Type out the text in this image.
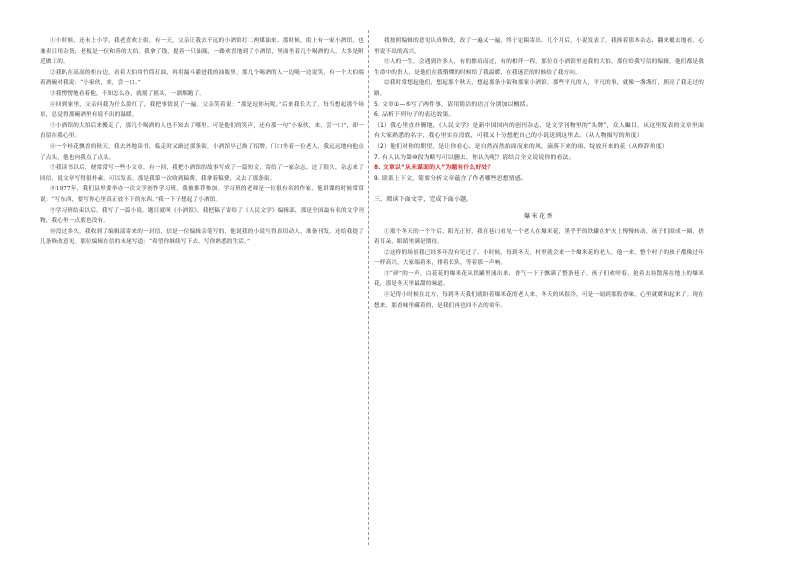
①小时候，还未上小学，我老喜欢上街。有一天，父亲让我去不远的小酒馆打二两煤油来。那时候，街上有一家小酒馆，也兼卖日用杂货，老板是一位和善的大伯。我拿了钱，提着一只油瓶，一路欢喜地到了小酒馆，里面坐着几个喝酒的人，大多是附近做工的。

②我趴在高高的柜台边，看着大伯用竹筒打油，再用漏斗灌进我的油瓶里。那几个喝酒的人一边喝一边说笑，有一个大伯端着酒碗对我说：“小家伙，来，尝一口。”

③我愣愣地看着他，不知怎么办，就摇了摇头，一溜烟跑了。

④回到家里，父亲问我为什么脸红了，我把事情说了一遍。父亲笑着说：“那是逗你玩呢。”后来我长大了，每当想起那个场景，总觉得那碗酒里有说不出的温暖。

⑤小酒馆的大伯后来搬走了，那几个喝酒的人也不知去了哪里。可是他们的笑声，还有那一句“小家伙，来，尝一口”，却一直留在我心里。

⑥一个桂花飘香的秋天，我去外地读书，临走时又路过那条街，小酒馆早已换了招牌，门口坐着一位老人，我远远地向他点了点头，他也向我点了点头。

⑦我读书以后，便常常写一些小文章。有一回，我把小酒馆的故事写成了一篇短文，寄给了一家杂志。过了很久，杂志来了回信，说文章写得很朴素，可以发表。那是我第一次收到稿费，我拿着稿费，又去了那条街。

⑧1977年，我们县里要举办一次文学创作学习班，我被推荐参加。学习班的老师是一位很有名的作家，他讲课的时候常常说：“写东西，要写你心里真正放不下的东西。”我一下子想起了小酒馆。

⑨学习班结束以后，我写了一篇小说，题目就叫《小酒馆》。我把稿子寄给了《人民文学》编辑部，那是全国最有名的文学刊物，我心里一点底也没有。

⑩没过多久，我收到了编辑部寄来的一封信，信是一位编辑亲笔写的，他说我的小说写得真切动人，准备刊发，还给我提了几条修改意见。那位编辑在信的末尾写道：“希望你继续写下去，写你熟悉的生活。”

我按照编辑的意见认真修改，改了一遍又一遍，终于定稿寄出。几个月后，小说发表了。我捧着那本杂志，翻来覆去地看，心里说不出的高兴。

⑪人的一生，会遇到许多人，有的擦肩而过，有的相伴一程。那位在小酒馆里逗我的大伯，那位给我写信的编辑，他们都是我生命中的贵人，是他们在我懵懂的时候给了我温暖，在我迷茫的时候给了我方向。

⑫我时常想起他们，想起那个秋天，想起那条小街和那家小酒馆。那些平凡的人，平凡的事，就像一盏盏灯，照亮了我走过的路。

5. 文章①—⑤写了两件事，请用简洁的语言分别加以概括。

6. 品析下列句子的表达效果。

（1）我心里直扑腾地，《人民文学》是新中国国内的创刊杂志，是文学刊物里的“头牌”，众人瞩目，从这里发表的文章里面有大家熟悉的名字，我心里实在没底，可我又十分想把自己的小说送到这里去。（从人物描写的角度）

（2）他们对你的期望，是让你看心、是自然而然拍面而来的风、滴落下来的雨、绽放开来的花（从修辞角度）

7. 有人认为第⑩段为略写可以删去，你认为呢？请结合全文说说你的看法。

8. 文章以“从未谋面的人”为题有什么好处？

9. 联系上下文，简要分析文章蕴含了作者哪些思想情感。

三、阅读下面文字，完成下面小题。

爆米花香

①那个冬天的一个午后，阳光正好，我在巷口看见一个老人在爆米花，黑乎乎的铁罐在炉火上慢慢转动，孩子们围成一圈，捂着耳朵，眼睛里满是期待。

②这样的场景我已经多年没有见过了。小时候，每到冬天，村里就会来一个爆米花的老人，他一来，整个村子的孩子都像过年一样高兴，大家端着米，排着长队，等着那一声响。

③“砰”的一声，白花花的爆米花从铁罐里涌出来，香气一下子飘满了整条巷子。孩子们欢呼着，抢着去捡散落在地上的爆米花，那是冬天里最甜的味道。

④记得小时候在北方，每到冬天我们就盼着爆米花的老人来，冬天的风很冷，可是一闻到那股香味，心里就暖和起来了。现在想来，那香味里藏着的，是我们再也回不去的童年。
